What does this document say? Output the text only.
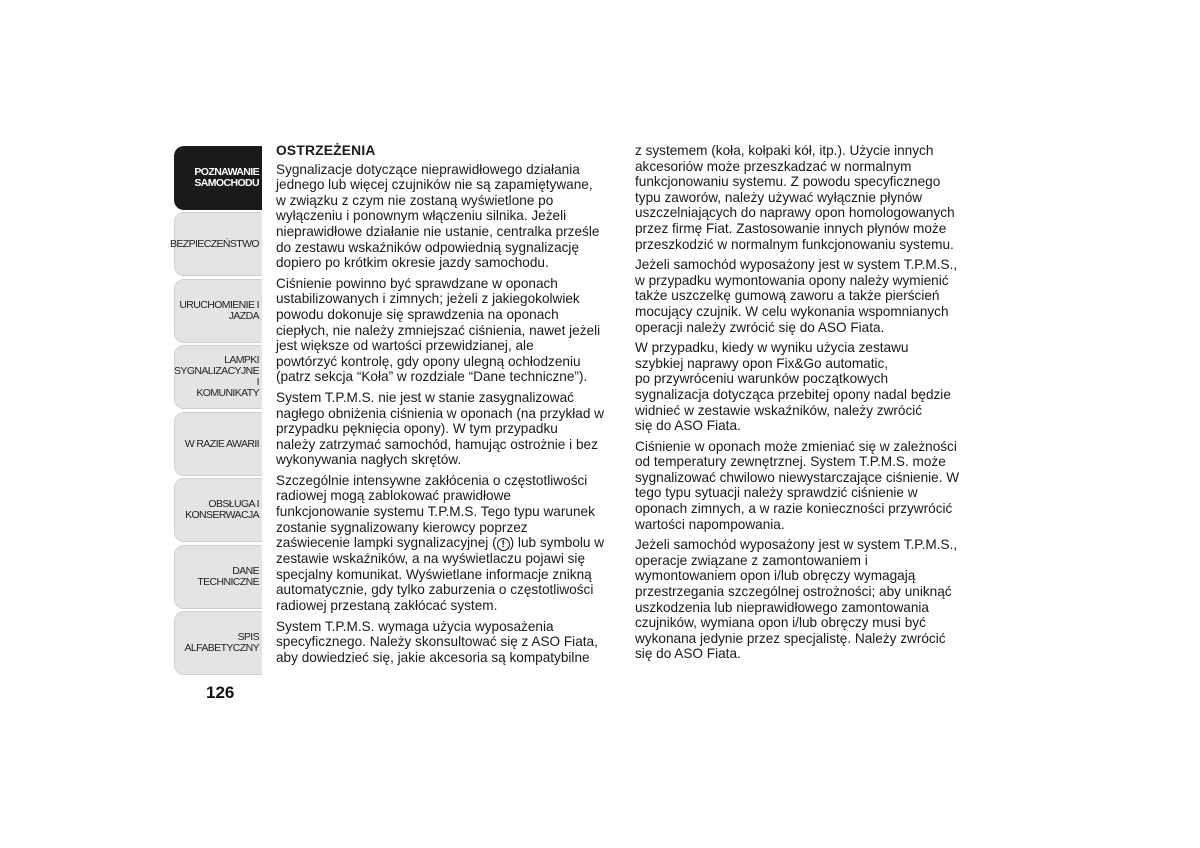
POZNAWANIE
SAMOCHODU
BEZPIECZEŃSTWO
URUCHOMIENIE I
JAZDA
LAMPKI
SYGNALIZACYJNE I
KOMUNIKATY
W RAZIE AWARII
OBSŁUGA I
KONSERWACJA
DANE TECHNICZNE
SPIS ALFABETYCZNY
126
OSTRZEŻENIA

Sygnalizacje dotyczące nieprawidłowego działania
jednego lub więcej czujników nie są zapamiętywane,
w związku z czym nie zostaną wyświetlone po
wyłączeniu i ponownym włączeniu silnika. Jeżeli
nieprawidłowe działanie nie ustanie, centralka prześle
do zestawu wskaźników odpowiednią sygnalizację
dopiero po krótkim okresie jazdy samochodu.

Ciśnienie powinno być sprawdzane w oponach
ustabilizowanych i zimnych; jeżeli z jakiegokolwiek
powodu dokonuje się sprawdzenia na oponach
ciepłych, nie należy zmniejszać ciśnienia, nawet jeżeli
jest większe od wartości przewidzianej, ale
powtórzyć kontrolę, gdy opony ulegną ochłodzeniu
(patrz sekcja “Koła” w rozdziale “Dane techniczne”).

System T.P.M.S. nie jest w stanie zasygnalizować
nagłego obniżenia ciśnienia w oponach (na przykład w
przypadku pęknięcia opony). W tym przypadku
należy zatrzymać samochód, hamując ostrożnie i bez
wykonywania nagłych skrętów.

Szczególnie intensywne zakłócenia o częstotliwości
radiowej mogą zablokować prawidłowe
funkcjonowanie systemu T.P.M.S. Tego typu warunek
zostanie sygnalizowany kierowcy poprzez
zaświecenie lampki sygnalizacyjnej ( ! ) lub symbolu w
zestawie wskaźników, a na wyświetlaczu pojawi się
specjalny komunikat. Wyświetlane informacje znikną
automatycznie, gdy tylko zaburzenia o częstotliwości
radiowej przestaną zakłócać system.

System T.P.M.S. wymaga użycia wyposażenia
specyficznego. Należy skonsultować się z ASO Fiata,
aby dowiedzieć się, jakie akcesoria są kompatybilne

z systemem (koła, kołpaki kół, itp.). Użycie innych
akcesoriów może przeszkadzać w normalnym
funkcjonowaniu systemu. Z powodu specyficznego
typu zaworów, należy używać wyłącznie płynów
uszczelniających do naprawy opon homologowanych
przez firmę Fiat. Zastosowanie innych płynów może
przeszkodzić w normalnym funkcjonowaniu systemu.

Jeżeli samochód wyposażony jest w system T.P.M.S.,
w przypadku wymontowania opony należy wymienić
także uszczelkę gumową zaworu a także pierścień
mocujący czujnik. W celu wykonania wspomnianych
operacji należy zwrócić się do ASO Fiata.

W przypadku, kiedy w wyniku użycia zestawu
szybkiej naprawy opon Fix&Go automatic,
po przywróceniu warunków początkowych
sygnalizacja dotycząca przebitej opony nadal będzie
widnieć w zestawie wskaźników, należy zwrócić
się do ASO Fiata.

Ciśnienie w oponach może zmieniać się w zależności
od temperatury zewnętrznej. System T.P.M.S. może
sygnalizować chwilowo niewystarczające ciśnienie. W
tego typu sytuacji należy sprawdzić ciśnienie w
oponach zimnych, a w razie konieczności przywrócić
wartości napompowania.

Jeżeli samochód wyposażony jest w system T.P.M.S.,
operacje związane z zamontowaniem i
wymontowaniem opon i/lub obręczy wymagają
przestrzegania szczególnej ostrożności; aby uniknąć
uszkodzenia lub nieprawidłowego zamontowania
czujników, wymiana opon i/lub obręczy musi być
wykonana jedynie przez specjalistę. Należy zwrócić
się do ASO Fiata.
